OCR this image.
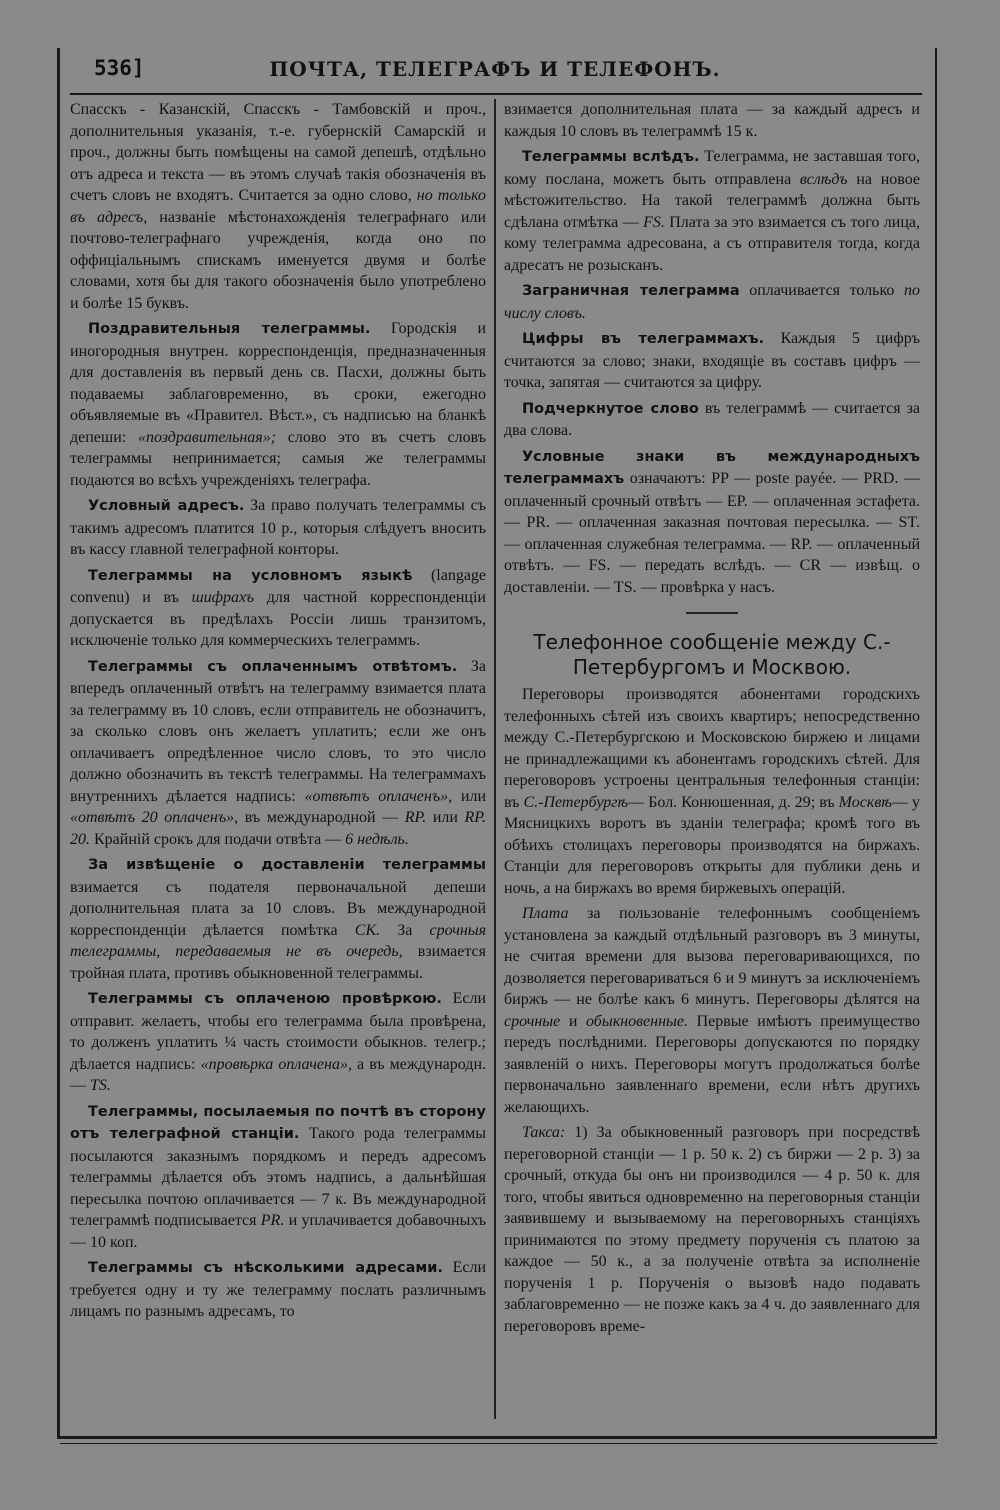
536]	ПОЧТА, ТЕЛЕГРАФЪ И ТЕЛЕФОНЪ.

Спасскъ - Казанскій, Спасскъ - Тамбовскій и проч., дополнительныя указанія, т.-е. губернскій Самарскій и проч., должны быть помѣщены на самой депешѣ, отдѣльно отъ адреса и текста — въ этомъ случаѣ такія обозначенія въ счетъ словъ не входятъ. Считается за одно слово, но только въ адресъ, названіе мѣстонахожденія телеграфнаго или почтово-телеграфнаго учрежденія, когда оно по оффиціальнымъ спискамъ именуется двумя и болѣе словами, хотя бы для такого обозначенія было употреблено и болѣе 15 буквъ.

Поздравительныя телеграммы. Городскія и иногородныя внутрен. корреспонденція, предназначенныя для доставленія въ первый день св. Пасхи, должны быть подаваемы заблаговременно, въ сроки, ежегодно объявляемые въ «Правител. Вѣст.», съ надписью на бланкѣ депеши: «поздравительная»; слово это въ счетъ словъ телеграммы непринимается; самыя же телеграммы подаются во всѣхъ учрежденіяхъ телеграфа.

Условный адресъ. За право получать телеграммы съ такимъ адресомъ платится 10 р., которыя слѣдуетъ вносить въ кассу главной телеграфной конторы.

Телеграммы на условномъ языкѣ (langage convenu) и въ шифрахъ для частной корреспонденціи допускается въ предѣлахъ Россіи лишь транзитомъ, исключеніе только для коммерческихъ телеграммъ.

Телеграммы съ оплаченнымъ отвѣтомъ. За впередъ оплаченный отвѣтъ на телеграмму взимается плата за телеграмму въ 10 словъ, если отправитель не обозначитъ, за сколько словъ онъ желаетъ уплатить; если же онъ оплачиваетъ опредѣленное число словъ, то это число должно обозначить въ текстѣ телеграммы. На телеграммахъ внутреннихъ дѣлается надпись: «отвѣтъ оплаченъ», или «отвѣтъ 20 оплаченъ», въ международной — RP. или RP. 20. Крайній срокъ для подачи отвѣта — 6 недѣль.

За извѣщеніе о доставленіи телеграммы взимается съ подателя первоначальной депеши дополнительная плата за 10 словъ. Въ международной корреспонденціи дѣлается помѣтка CK. За срочныя телеграммы, передаваемыя не въ очередь, взимается тройная плата, противъ обыкновенной телеграммы.

Телеграммы съ оплаченою провѣркою. Если отправит. желаетъ, чтобы его телеграмма была провѣрена, то долженъ уплатить ¼ часть стоимости обыкнов. телегр.; дѣлается надпись: «провѣрка оплачена», а въ международн. — TS.

Телеграммы, посылаемыя по почтѣ въ сторону отъ телеграфной станціи. Такого рода телеграммы посылаются заказнымъ порядкомъ и передъ адресомъ телеграммы дѣлается объ этомъ надпись, а дальнѣйшая пересылка почтою оплачивается — 7 к. Въ международной телеграммѣ подписывается PR. и уплачивается добавочныхъ — 10 коп.

Телеграммы съ нѣсколькими адресами. Если требуется одну и ту же телеграмму послать различнымъ лицамъ по разнымъ адресамъ, то

взимается дополнительная плата — за каждый адресъ и каждыя 10 словъ въ телеграммѣ 15 к.

Телеграммы вслѣдъ. Телеграмма, не заставшая того, кому послана, можетъ быть отправлена вслѣдъ на новое мѣстожительство. На такой телеграммѣ должна быть сдѣлана отмѣтка — FS. Плата за это взимается съ того лица, кому телеграмма адресована, а съ отправителя тогда, когда адресатъ не розысканъ.

Заграничная телеграмма оплачивается только по числу словъ.

Цифры въ телеграммахъ. Каждыя 5 цифръ считаются за слово; знаки, входящіе въ составъ цифръ — точка, запятая — считаются за цифру.

Подчеркнутое слово въ телеграммѣ — считается за два слова.

Условные знаки въ международныхъ телеграммахъ означаютъ: PP — poste payée. — PRD. — оплаченный срочный отвѣтъ — EP. — оплаченная эстафета. — PR. — оплаченная заказная почтовая пересылка. — ST. — оплаченная служебная телеграмма. — RP. — оплаченный отвѣтъ. — FS. — передать вслѣдъ. — CR — извѣщ. о доставленіи. — TS. — провѣрка у насъ.

Телефонное сообщеніе между С.-Петербургомъ и Москвою.

Переговоры производятся абонентами городскихъ телефонныхъ сѣтей изъ своихъ квартиръ; непосредственно между С.-Петербургскою и Московскою биржею и лицами не принадлежащими къ абонентамъ городскихъ сѣтей. Для переговоровъ устроены центральныя телефонныя станціи: въ С.-Петербургѣ— Бол. Конюшенная, д. 29; въ Москвѣ— у Мясницкихъ воротъ въ зданіи телеграфа; кромѣ того въ обѣихъ столицахъ переговоры производятся на биржахъ. Станціи для переговоровъ открыты для публики день и ночь, а на биржахъ во время биржевыхъ операцій.

Плата за пользованіе телефоннымъ сообщеніемъ установлена за каждый отдѣльный разговоръ въ 3 минуты, не считая времени для вызова переговаривающихся, по дозволяется переговариваться 6 и 9 минутъ за исключеніемъ биржъ — не болѣе какъ 6 минутъ. Переговоры дѣлятся на срочные и обыкновенные. Первые имѣютъ преимущество передъ послѣдними. Переговоры допускаются по порядку заявленій о нихъ. Переговоры могутъ продолжаться болѣе первоначально заявленнаго времени, если нѣтъ другихъ желающихъ.

Такса: 1) За обыкновенный разговоръ при посредствѣ переговорной станціи — 1 р. 50 к. 2) съ биржи — 2 р. 3) за срочный, откуда бы онъ ни производился — 4 р. 50 к. для того, чтобы явиться одновременно на переговорныя станціи заявившему и вызываемому на переговорныхъ станціяхъ принимаются по этому предмету порученія съ платою за каждое — 50 к., а за полученіе отвѣта за исполненіе порученія 1 р. Порученія о вызовѣ надо подавать заблаговременно — не позже какъ за 4 ч. до заявленнаго для переговоровъ времe-
